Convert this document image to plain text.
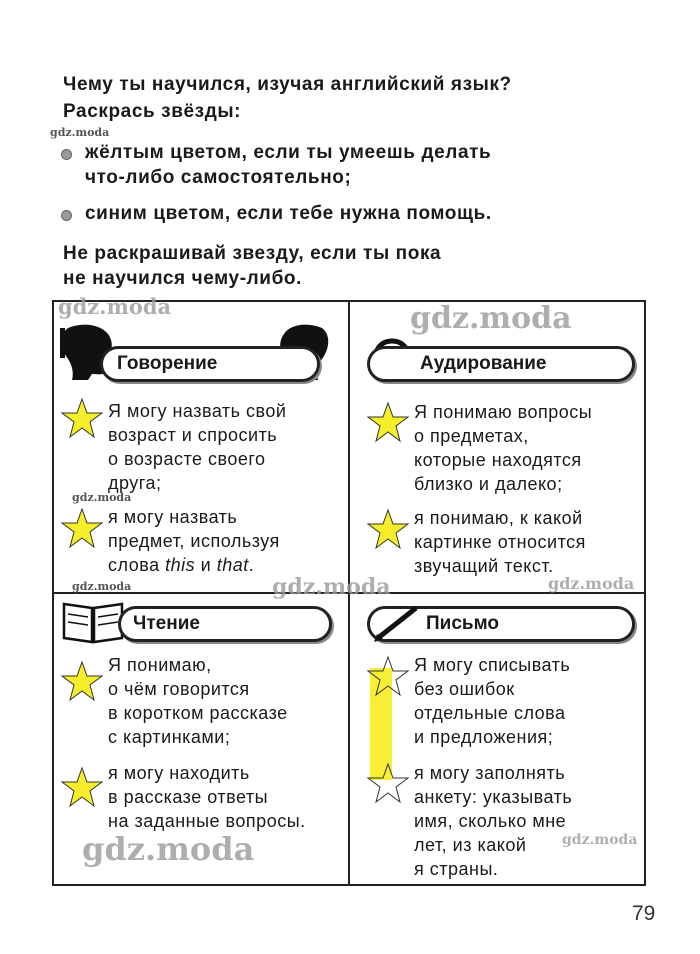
Чему ты научился, изучая английский язык?
Раскрась звёзды:
жёлтым цветом, если ты умеешь делать
что-либо самостоятельно;
синим цветом, если тебе нужна помощь.
Не раскрашивай звезду, если ты пока
не научился чему-либо.
Говорение
Я могу назвать свой
возраст и спросить
о возрасте своего
друга;
я могу назвать
предмет, используя
слова this и that.
Аудирование
Я понимаю вопросы
о предметах,
которые находятся
близко и далеко;
я понимаю, к какой
картинке относится
звучащий текст.
Чтение
Я понимаю,
о чём говорится
в коротком рассказе
с картинками;
я могу находить
в рассказе ответы
на заданные вопросы.
Письмо
Я могу списывать
без ошибок
отдельные слова
и предложения;
я могу заполнять
анкету: указывать
имя, сколько мне
лет, из какой
я страны.
gdz.moda
gdz.moda	gdz.moda
gdz.moda
gdz.moda	gdz.moda	gdz.moda
gdz.moda	gdz.moda
79
